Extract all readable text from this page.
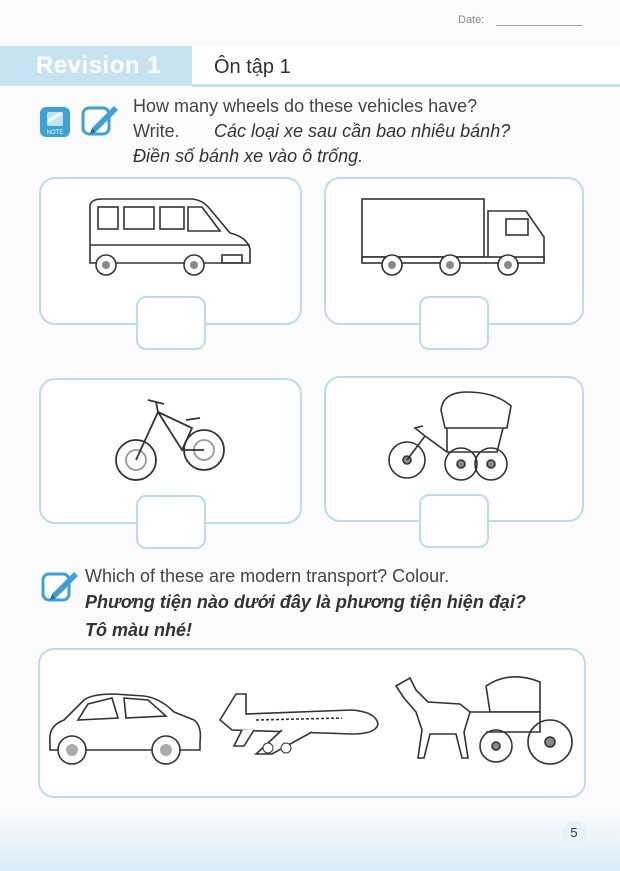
Date:
Revision 1	Ôn tập 1
NOTE
How many wheels do these vehicles have?
Write. Các loại xe sau cần bao nhiêu bánh?
Điền số bánh xe vào ô trống.
Which of these are modern transport? Colour.
Phương tiện nào dưới đây là phương tiện hiện đại?
Tô màu nhé!
5
